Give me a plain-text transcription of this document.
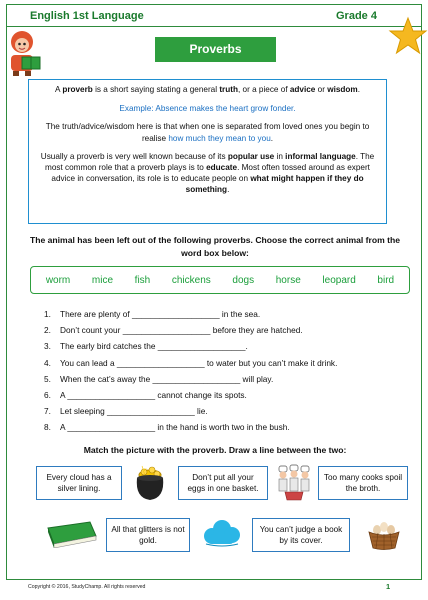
English 1st Language	Grade 4
Proverbs

A proverb is a short saying stating a general truth, or a piece of advice or wisdom.

Example: Absence makes the heart grow fonder.

The truth/advice/wisdom here is that when one is separated from loved ones you begin to realise how much they mean to you.

Usually a proverb is very well known because of its popular use in informal language. The most common role that a proverb plays is to educate. Most often tossed around as expert advice in conversation, its role is to educate people on what might happen if they do something.

The animal has been left out of the following proverbs. Choose the correct animal from the word box below:
worm mice fish chickens dogs horse leopard bird
1.	There are plenty of ___________________ in the sea.
2.	Don’t count your ___________________ before they are hatched.
3.	The early bird catches the ___________________.
4.	You can lead a ___________________ to water but you can’t make it drink.
5.	When the cat’s away the ___________________ will play.
6.	A ___________________ cannot change its spots.
7.	Let sleeping ___________________ lie.
8.	A ___________________ in the hand is worth two in the bush.
Match the picture with the proverb. Draw a line between the two:
Every cloud has a silver lining.
Don’t put all your eggs in one basket.
Too many cooks spoil the broth.
All that glitters is not gold.
You can’t judge a book by its cover.
Copyright © 2016, StudyChamp. All rights reserved	1
